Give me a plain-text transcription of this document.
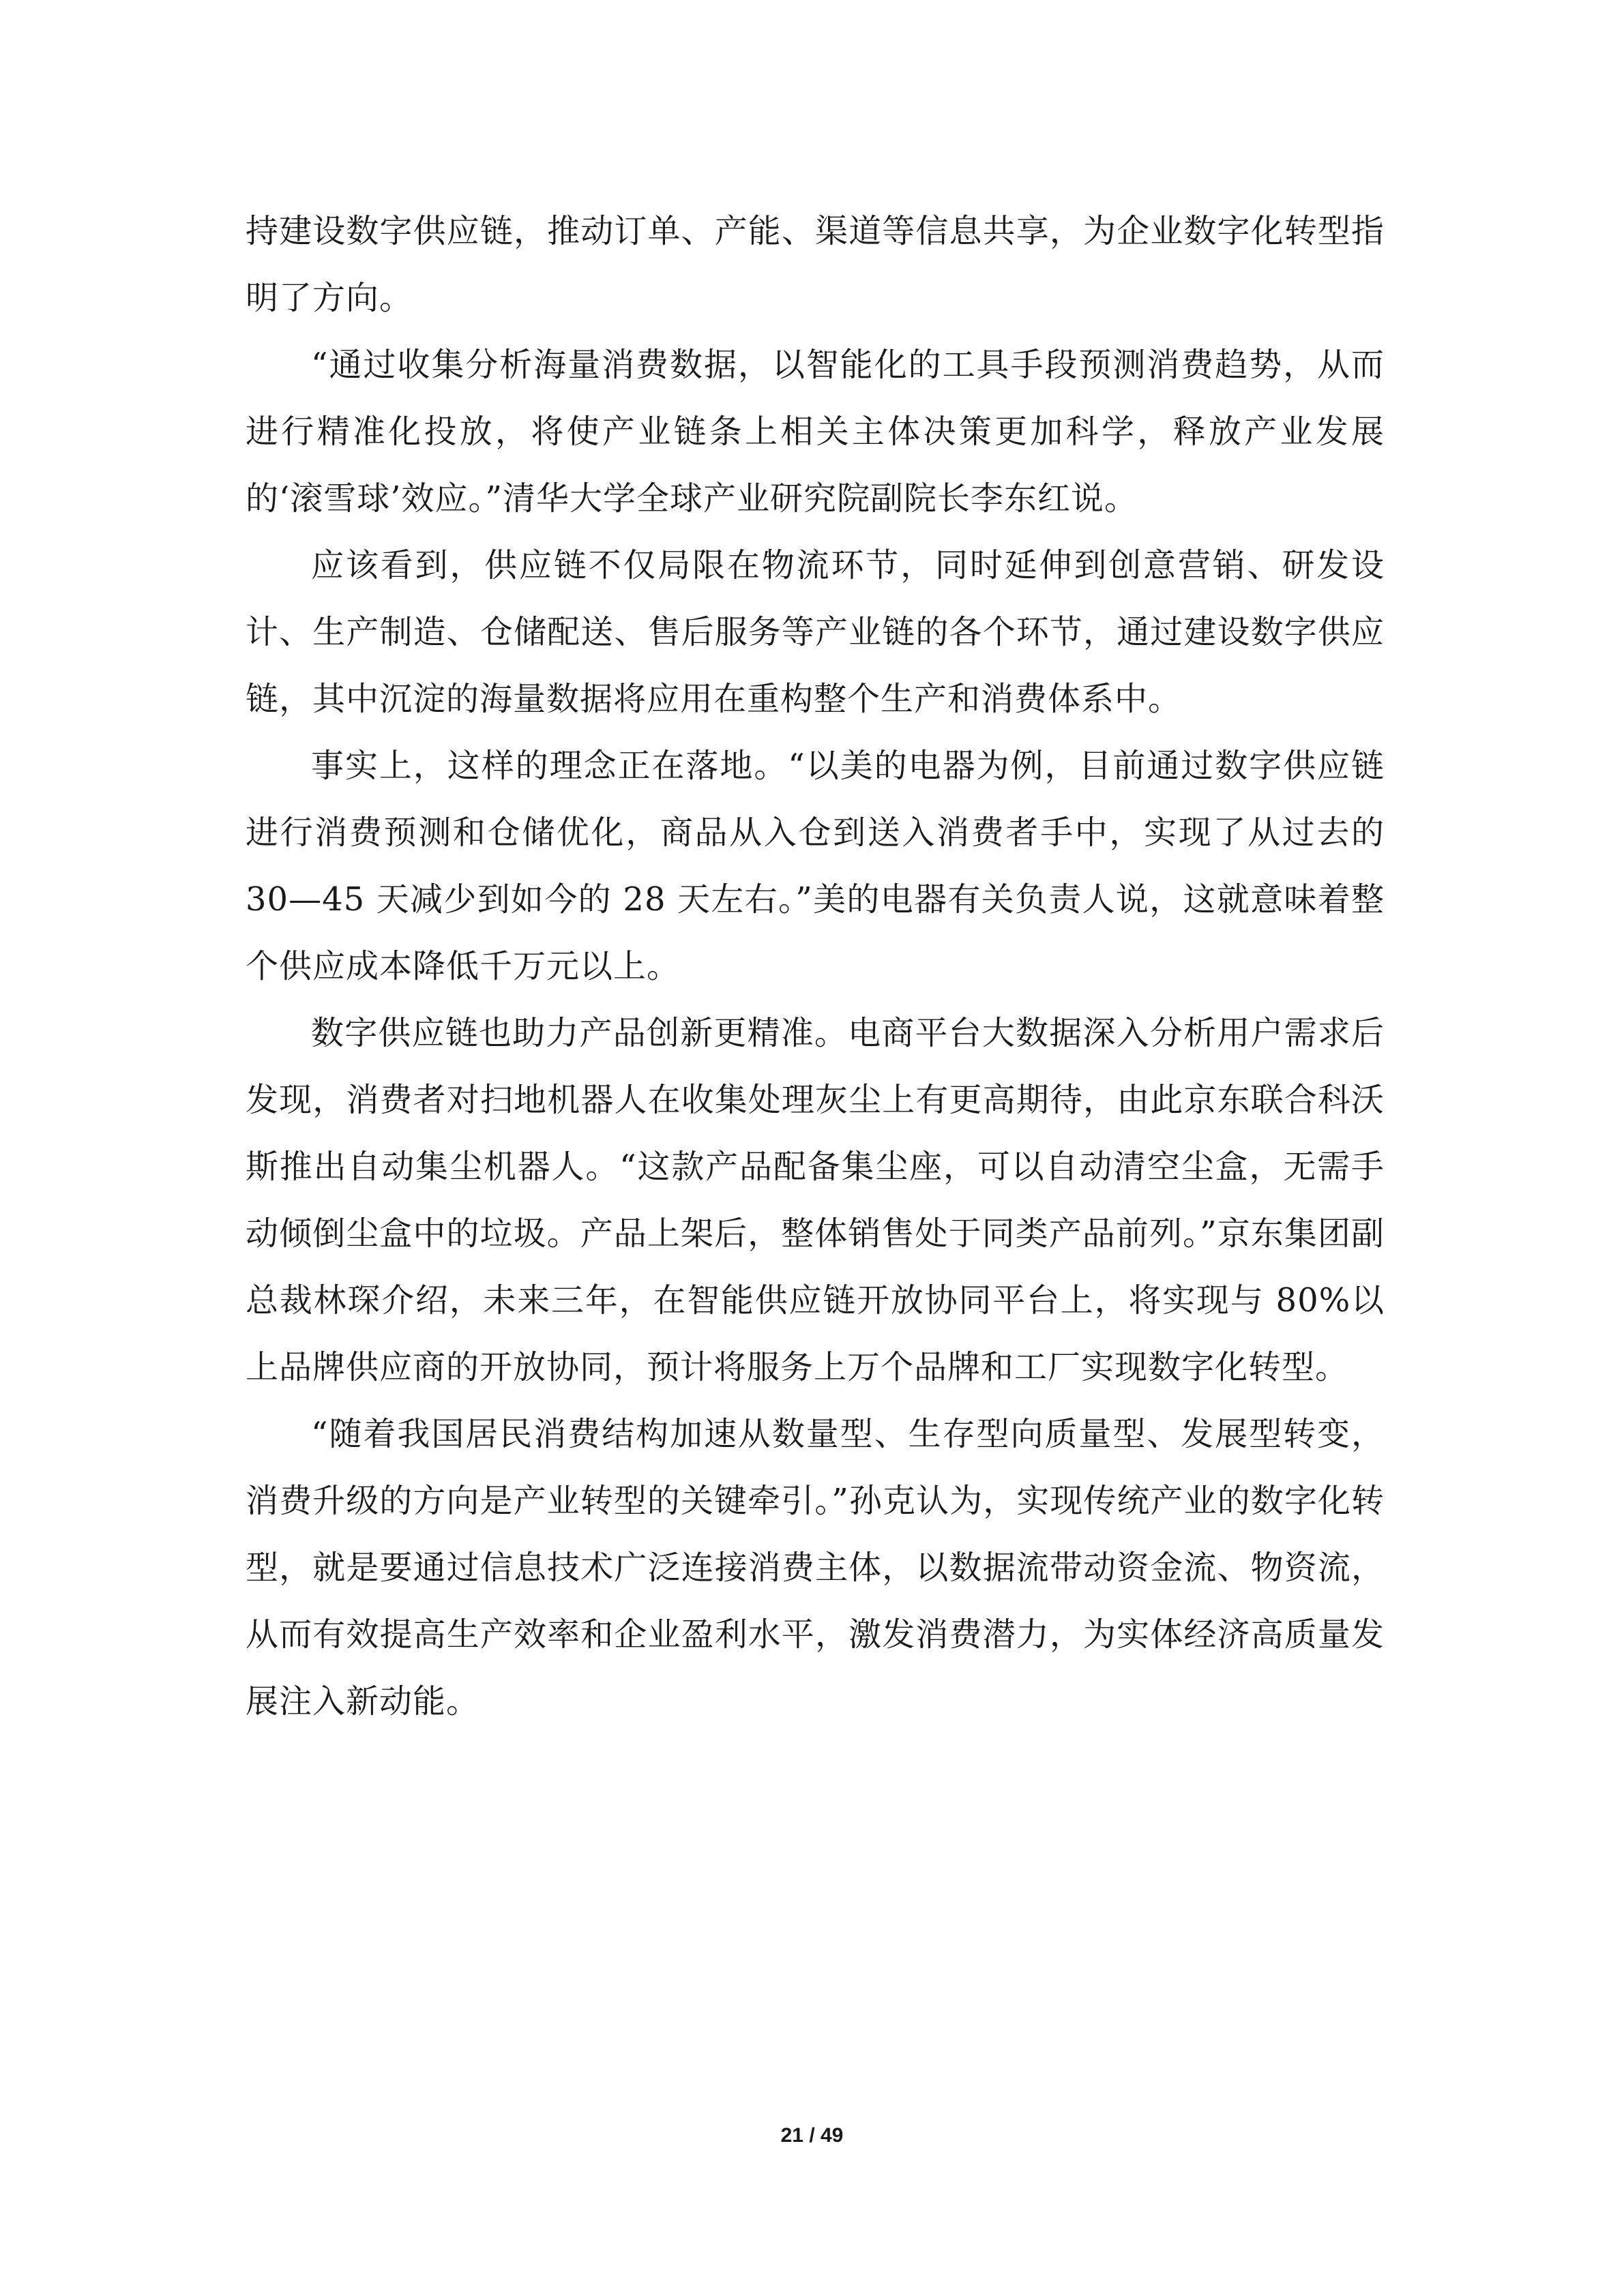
持建设数字供应链，推动订单、产能、渠道等信息共享，为企业数字化转型指明了方向。

“通过收集分析海量消费数据，以智能化的工具手段预测消费趋势，从而进行精准化投放，将使产业链条上相关主体决策更加科学，释放产业发展的‘滚雪球’效应。”清华大学全球产业研究院副院长李东红说。

应该看到，供应链不仅局限在物流环节，同时延伸到创意营销、研发设计、生产制造、仓储配送、售后服务等产业链的各个环节，通过建设数字供应链，其中沉淀的海量数据将应用在重构整个生产和消费体系中。

事实上，这样的理念正在落地。“以美的电器为例，目前通过数字供应链进行消费预测和仓储优化，商品从入仓到送入消费者手中，实现了从过去的 30—45 天减少到如今的 28 天左右。”美的电器有关负责人说，这就意味着整个供应成本降低千万元以上。

数字供应链也助力产品创新更精准。电商平台大数据深入分析用户需求后发现，消费者对扫地机器人在收集处理灰尘上有更高期待，由此京东联合科沃斯推出自动集尘机器人。“这款产品配备集尘座，可以自动清空尘盒，无需手动倾倒尘盒中的垃圾。产品上架后，整体销售处于同类产品前列。”京东集团副总裁林琛介绍，未来三年，在智能供应链开放协同平台上，将实现与 80%以上品牌供应商的开放协同，预计将服务上万个品牌和工厂实现数字化转型。

“随着我国居民消费结构加速从数量型、生存型向质量型、发展型转变，消费升级的方向是产业转型的关键牵引。”孙克认为，实现传统产业的数字化转型，就是要通过信息技术广泛连接消费主体，以数据流带动资金流、物资流，从而有效提高生产效率和企业盈利水平，激发消费潜力，为实体经济高质量发展注入新动能。

21 / 49
